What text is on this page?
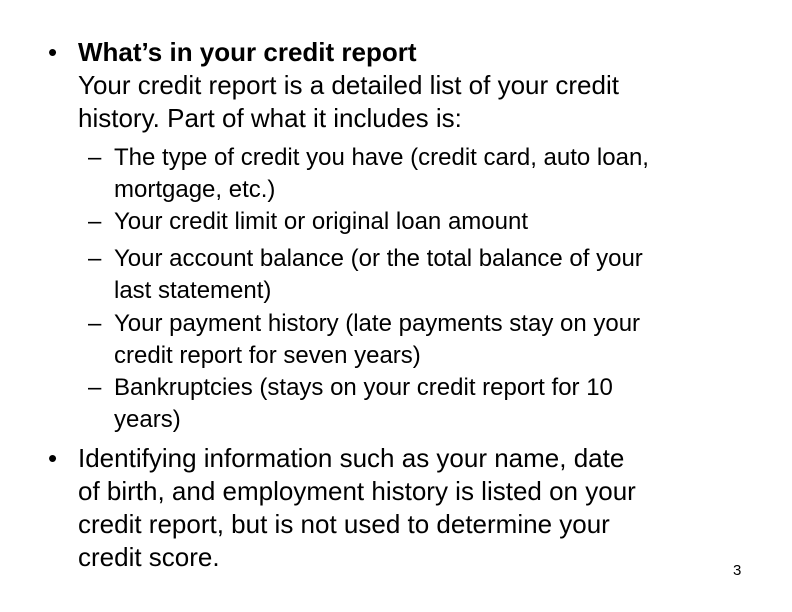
• What’s in your credit report
Your credit report is a detailed list of your credit
history. Part of what it includes is:
– The type of credit you have (credit card, auto loan,
mortgage, etc.)
– Your credit limit or original loan amount
– Your account balance (or the total balance of your
last statement)
– Your payment history (late payments stay on your
credit report for seven years)
– Bankruptcies (stays on your credit report for 10
years)
• Identifying information such as your name, date
of birth, and employment history is listed on your
credit report, but is not used to determine your
credit score.	3
